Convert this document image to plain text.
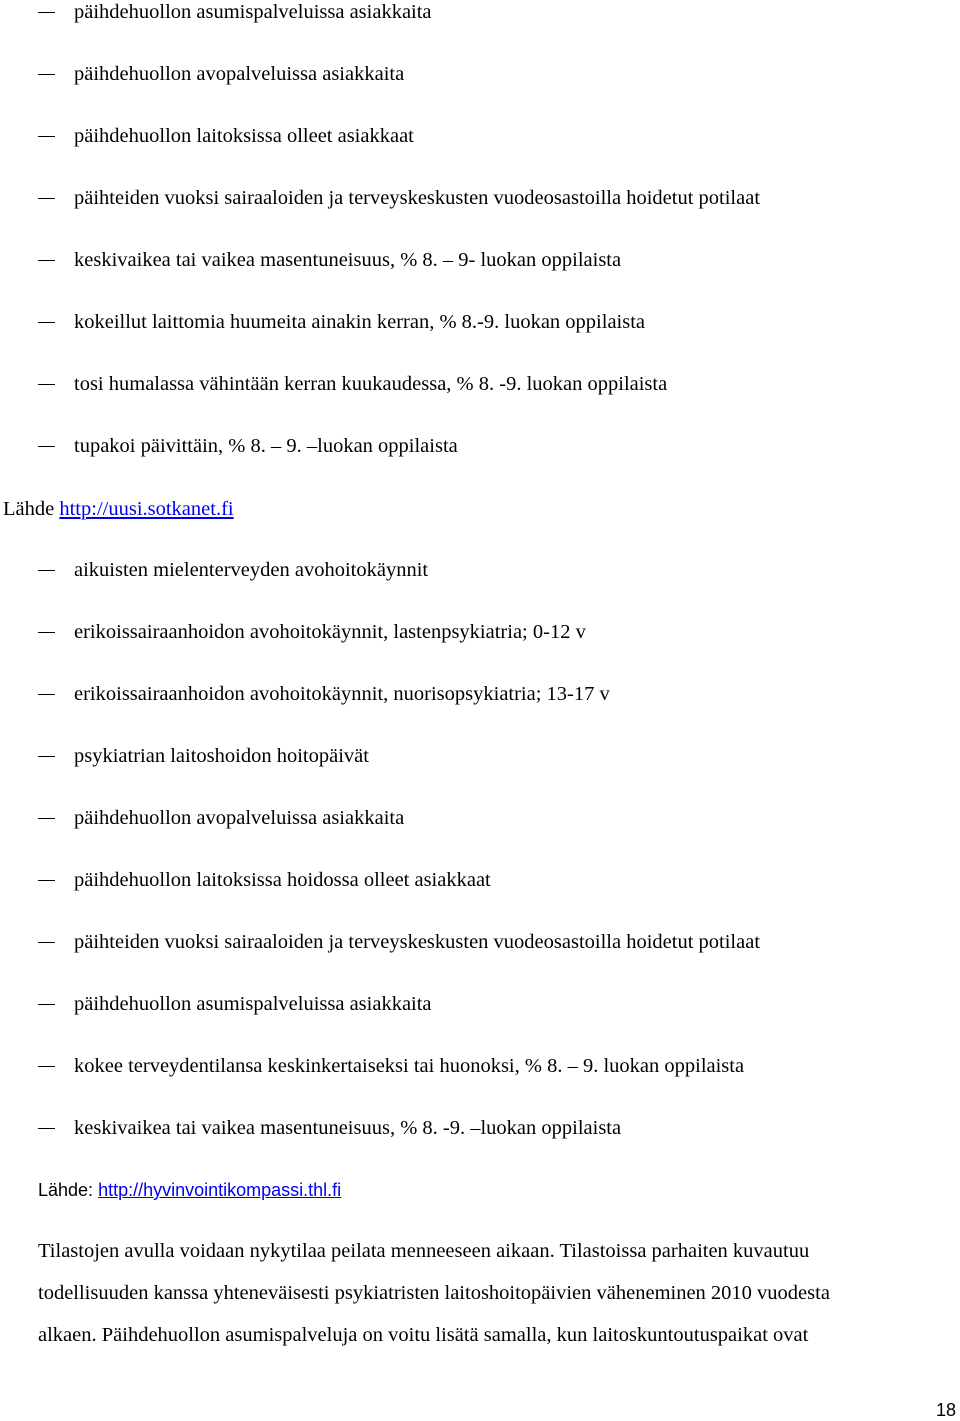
päihdehuollon asumispalveluissa asiakkaita
päihdehuollon avopalveluissa asiakkaita
päihdehuollon laitoksissa olleet asiakkaat
päihteiden vuoksi sairaaloiden ja terveyskeskusten vuodeosastoilla hoidetut potilaat
keskivaikea tai vaikea masentuneisuus, % 8. – 9- luokan oppilaista
kokeillut laittomia huumeita ainakin kerran, % 8.-9. luokan oppilaista
tosi humalassa vähintään kerran kuukaudessa, % 8. -9. luokan oppilaista
tupakoi päivittäin, % 8. – 9. –luokan oppilaista
Lähde http://uusi.sotkanet.fi
aikuisten mielenterveyden avohoitokäynnit
erikoissairaanhoidon avohoitokäynnit, lastenpsykiatria; 0-12 v
erikoissairaanhoidon avohoitokäynnit, nuorisopsykiatria; 13-17 v
psykiatrian laitoshoidon hoitopäivät
päihdehuollon avopalveluissa asiakkaita
päihdehuollon laitoksissa hoidossa olleet asiakkaat
päihteiden vuoksi sairaaloiden ja terveyskeskusten vuodeosastoilla hoidetut potilaat
päihdehuollon asumispalveluissa asiakkaita
kokee terveydentilansa keskinkertaiseksi tai huonoksi, % 8. – 9. luokan oppilaista
keskivaikea tai vaikea masentuneisuus, % 8. -9. –luokan oppilaista
Lähde: http://hyvinvointikompassi.thl.fi

Tilastojen avulla voidaan nykytilaa peilata menneeseen aikaan. Tilastoissa parhaiten kuvautuu
todellisuuden kanssa yhteneväisesti psykiatristen laitoshoitopäivien väheneminen 2010 vuodesta
alkaen. Päihdehuollon asumispalveluja on voitu lisätä samalla, kun laitoskuntoutuspaikat ovat

18
